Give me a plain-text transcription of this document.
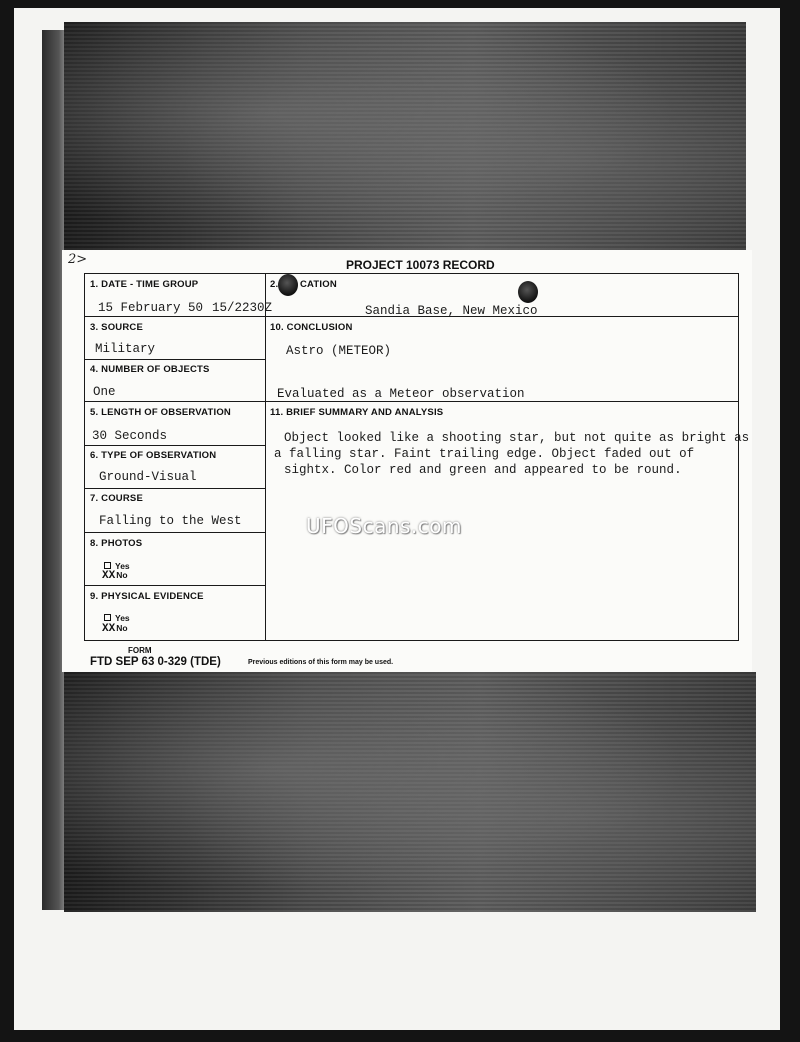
2>	PROJECT 10073 RECORD
1. DATE - TIME GROUP
15 February 50 15/2230Z
2. CATION
Sandia Base, New Mexico
3. SOURCE
Military
10. CONCLUSION
Astro (METEOR)
Evaluated as a Meteor observation
4. NUMBER OF OBJECTS
One
5. LENGTH OF OBSERVATION
30 Seconds
11. BRIEF SUMMARY AND ANALYSIS
Object looked like a shooting star, but not quite as bright as
a falling star. Faint trailing edge. Object faded out of
sightx. Color red and green and appeared to be round.
6. TYPE OF OBSERVATION
Ground-Visual
7. COURSE
Falling to the West
8. PHOTOS
Yes
XXNo
9. PHYSICAL EVIDENCE
Yes
XXNo
FORM
FTD SEP 63 0-329 (TDE)	Previous editions of this form may be used.
UFOScans.com
